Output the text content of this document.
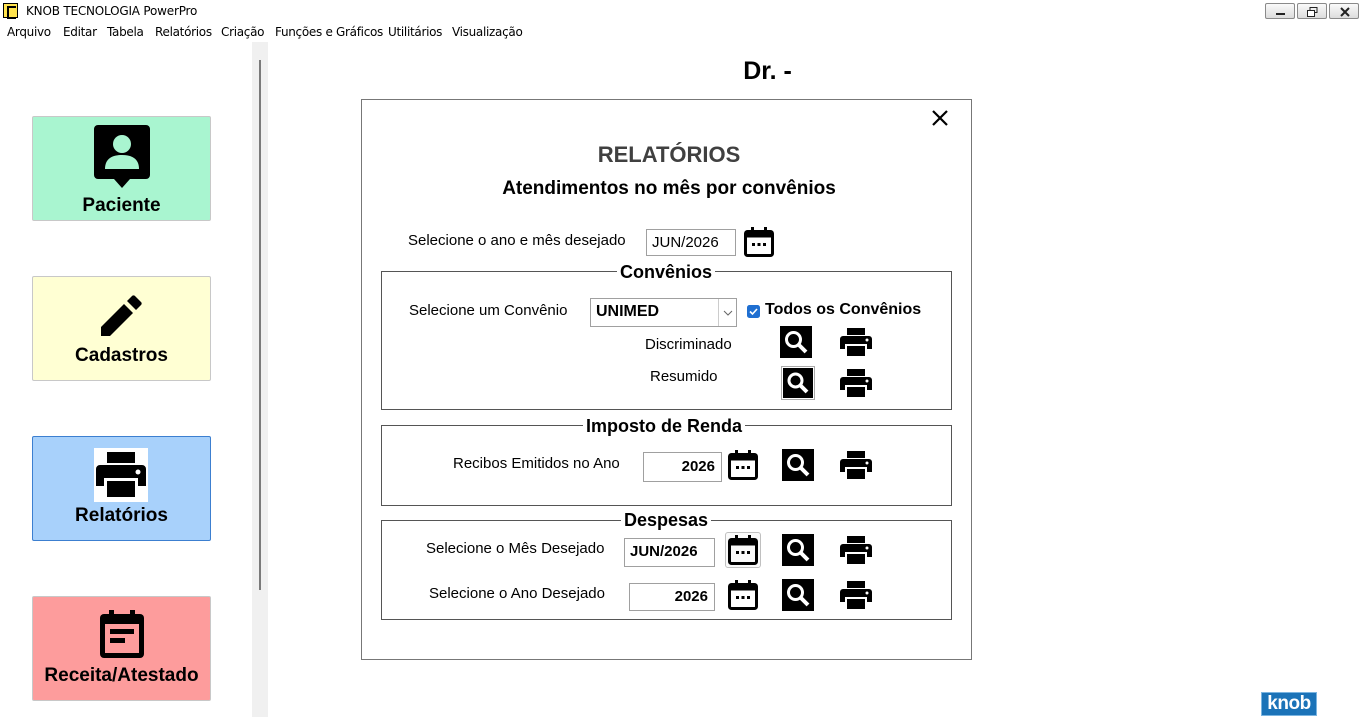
KNOB TECNOLOGIA PowerPro
Arquivo Editar Tabela Relatórios Criação Funções e Gráficos Utilitários Visualização
Paciente
Cadastros
Relatórios
Receita/Atestado
Dr. -
RELATÓRIOS
Atendimentos no mês por convênios
Selecione o ano e mês desejado	JUN/2026
Convênios
Selecione um Convênio	UNIMED	Todos os Convênios
Discriminado
Resumido
Imposto de Renda
Recibos Emitidos no Ano	2026
Despesas
Selecione o Mês Desejado	JUN/2026
Selecione o Ano Desejado	2026
knob
